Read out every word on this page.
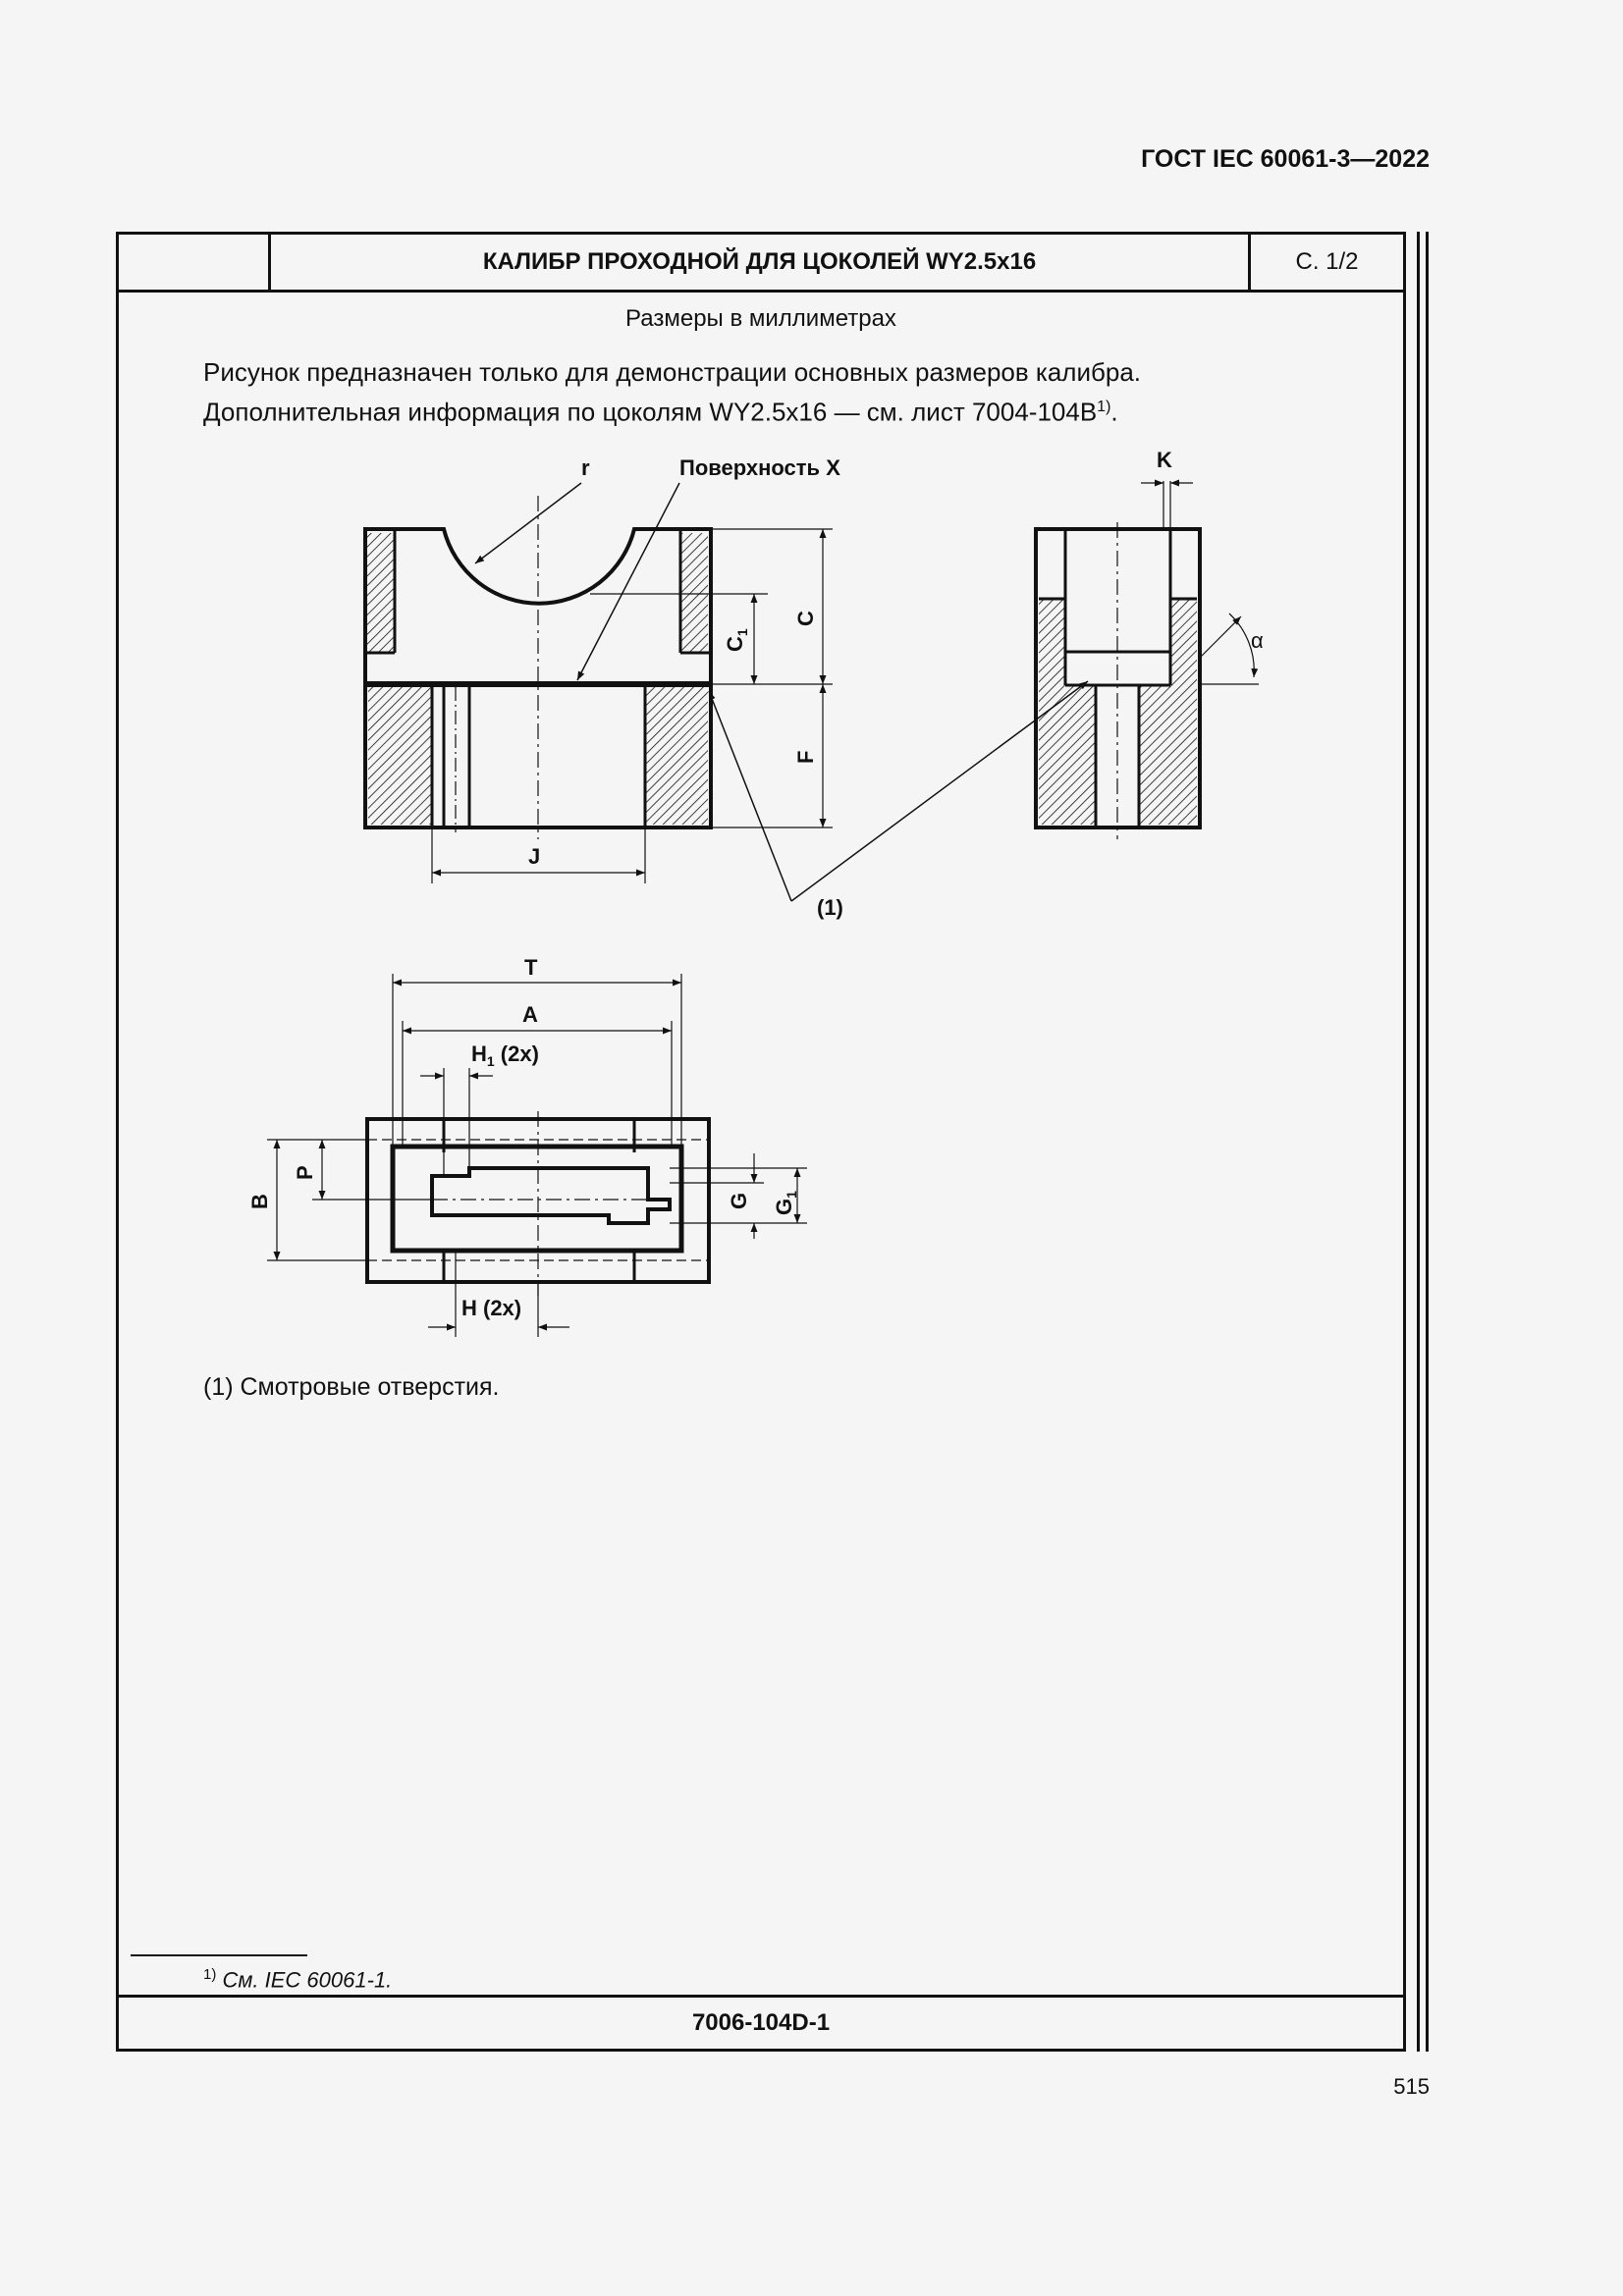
ГОСТ IEC 60061-3—2022
КАЛИБР ПРОХОДНОЙ ДЛЯ ЦОКОЛЕЙ WY2.5x16	С. 1/2
Размеры в миллиметрах
Рисунок предназначен только для демонстрации основных размеров калибра.
Дополнительная информация по цоколям WY2.5x16 — см. лист $7004-104B^{1)}$.
(1) Смотровые отверстия.
$^{1)}$ См. IEC 60061-1.
7006-104D-1
r	Поверхность X	K
α
C
$C_1$
F
J
(1)
T
A
$H_1$ (2x)
B
P
G $G_1$
H (2x)
515
